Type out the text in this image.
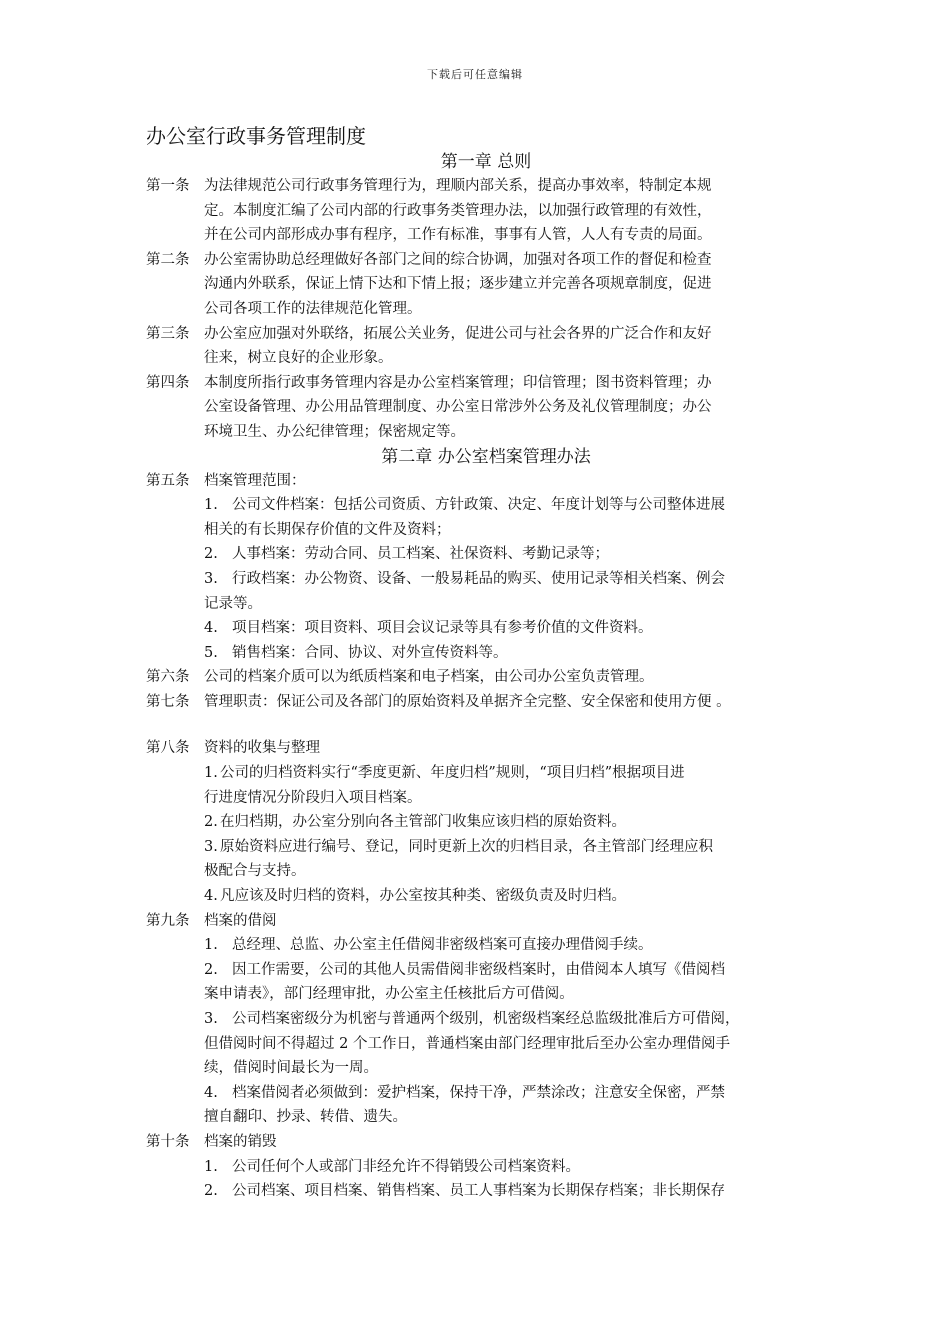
下载后可任意编辑
办公室行政事务管理制度
第一章 总则
第一条	为法律规范公司行政事务管理行为，理顺内部关系，提高办事效率，特制定本规

定。本制度汇编了公司内部的行政事务类管理办法，以加强行政管理的有效性，

并在公司内部形成办事有程序，工作有标准，事事有人管，人人有专责的局面。

第二条	办公室需协助总经理做好各部门之间的综合协调，加强对各项工作的督促和检查

沟通内外联系，保证上情下达和下情上报；逐步建立并完善各项规章制度，促进

公司各项工作的法律规范化管理。

第三条	办公室应加强对外联络，拓展公关业务，促进公司与社会各界的广泛合作和友好

往来，树立良好的企业形象。

第四条	本制度所指行政事务管理内容是办公室档案管理；印信管理；图书资料管理；办

公室设备管理、办公用品管理制度、办公室日常涉外公务及礼仪管理制度；办公

环境卫生、办公纪律管理；保密规定等。

第二章 办公室档案管理办法
第五条	档案管理范围：
1. 公司文件档案：包括公司资质、方针政策、决定、年度计划等与公司整体进展
相关的有长期保存价值的文件及资料；
2. 人事档案：劳动合同、员工档案、社保资料、考勤记录等；
3. 行政档案：办公物资、设备、一般易耗品的购买、使用记录等相关档案、例会
记录等。
4. 项目档案：项目资料、项目会议记录等具有参考价值的文件资料。
5. 销售档案：合同、协议、对外宣传资料等。
第六条	公司的档案介质可以为纸质档案和电子档案，由公司办公室负责管理。
第七条	管理职责：保证公司及各部门的原始资料及单据齐全完整、安全保密和使用方便 。
第八条	资料的收集与整理
1. 公司的归档资料实行“季度更新、年度归档”规则，“项目归档”根据项目进
行进度情况分阶段归入项目档案。
2. 在归档期，办公室分别向各主管部门收集应该归档的原始资料。
3. 原始资料应进行编号、登记，同时更新上次的归档目录，各主管部门经理应积
极配合与支持。
4. 凡应该及时归档的资料，办公室按其种类、密级负责及时归档。
第九条	档案的借阅
1. 总经理、总监、办公室主任借阅非密级档案可直接办理借阅手续。
2. 因工作需要，公司的其他人员需借阅非密级档案时，由借阅本人填写《借阅档
案申请表》，部门经理审批，办公室主任核批后方可借阅。
3. 公司档案密级分为机密与普通两个级别，机密级档案经总监级批准后方可借阅，
但借阅时间不得超过 2 个工作日，普通档案由部门经理审批后至办公室办理借阅手
续，借阅时间最长为一周。
4. 档案借阅者必须做到：爱护档案，保持干净，严禁涂改；注意安全保密，严禁
擅自翻印、抄录、转借、遗失。
第十条	档案的销毁
1. 公司任何个人或部门非经允许不得销毁公司档案资料。
2. 公司档案、项目档案、销售档案、员工人事档案为长期保存档案；非长期保存
